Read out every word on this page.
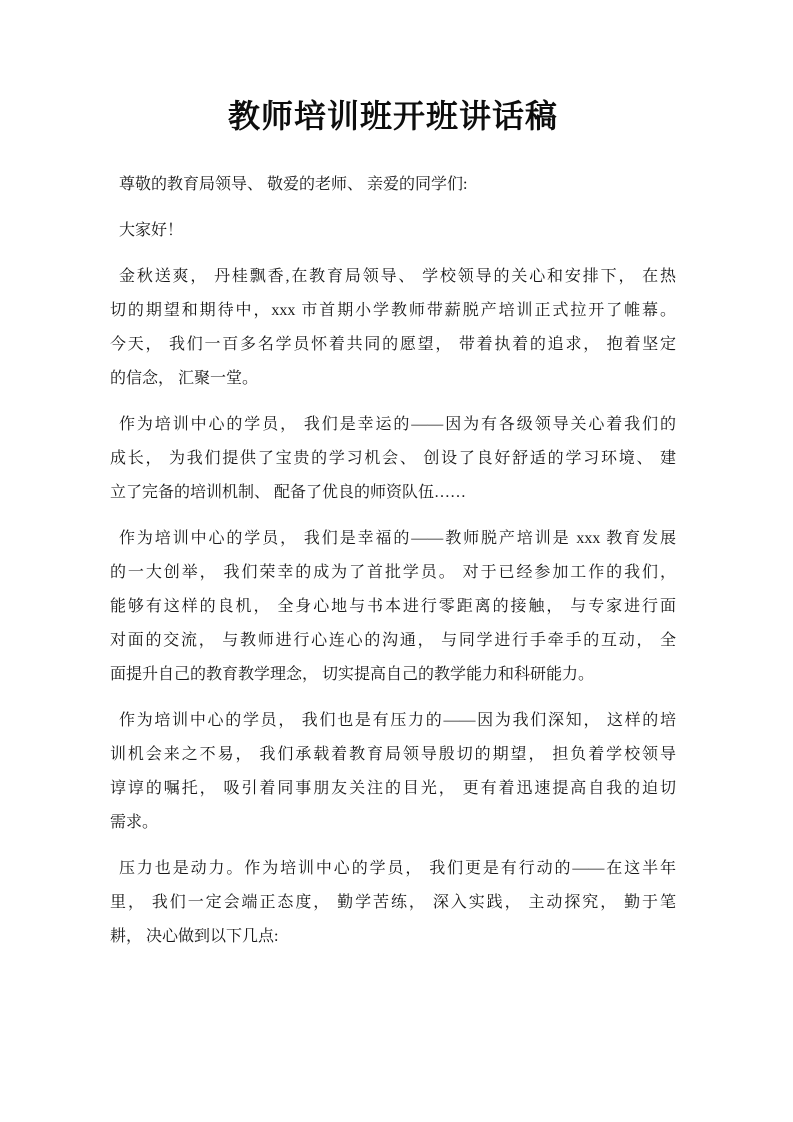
教师培训班开班讲话稿
尊敬的教育局领导、 敬爱的老师、 亲爱的同学们:
大家好！
金秋送爽， 丹桂飘香,在教育局领导、 学校领导的关心和安排下， 在热
切的期望和期待中，xxx 市首期小学教师带薪脱产培训正式拉开了帷幕。
今天， 我们一百多名学员怀着共同的愿望， 带着执着的追求， 抱着坚定
的信念， 汇聚一堂。
作为培训中心的学员， 我们是幸运的——因为有各级领导关心着我们的
成长， 为我们提供了宝贵的学习机会、 创设了良好舒适的学习环境、 建
立了完备的培训机制、 配备了优良的师资队伍……
作为培训中心的学员， 我们是幸福的——教师脱产培训是 xxx 教育发展
的一大创举， 我们荣幸的成为了首批学员。 对于已经参加工作的我们，
能够有这样的良机， 全身心地与书本进行零距离的接触， 与专家进行面
对面的交流， 与教师进行心连心的沟通， 与同学进行手牵手的互动， 全
面提升自己的教育教学理念， 切实提高自己的教学能力和科研能力。
作为培训中心的学员， 我们也是有压力的——因为我们深知， 这样的培
训机会来之不易， 我们承载着教育局领导殷切的期望， 担负着学校领导
谆谆的嘱托， 吸引着同事朋友关注的目光， 更有着迅速提高自我的迫切
需求。
压力也是动力。作为培训中心的学员， 我们更是有行动的——在这半年
里， 我们一定会端正态度， 勤学苦练， 深入实践， 主动探究， 勤于笔
耕， 决心做到以下几点:
